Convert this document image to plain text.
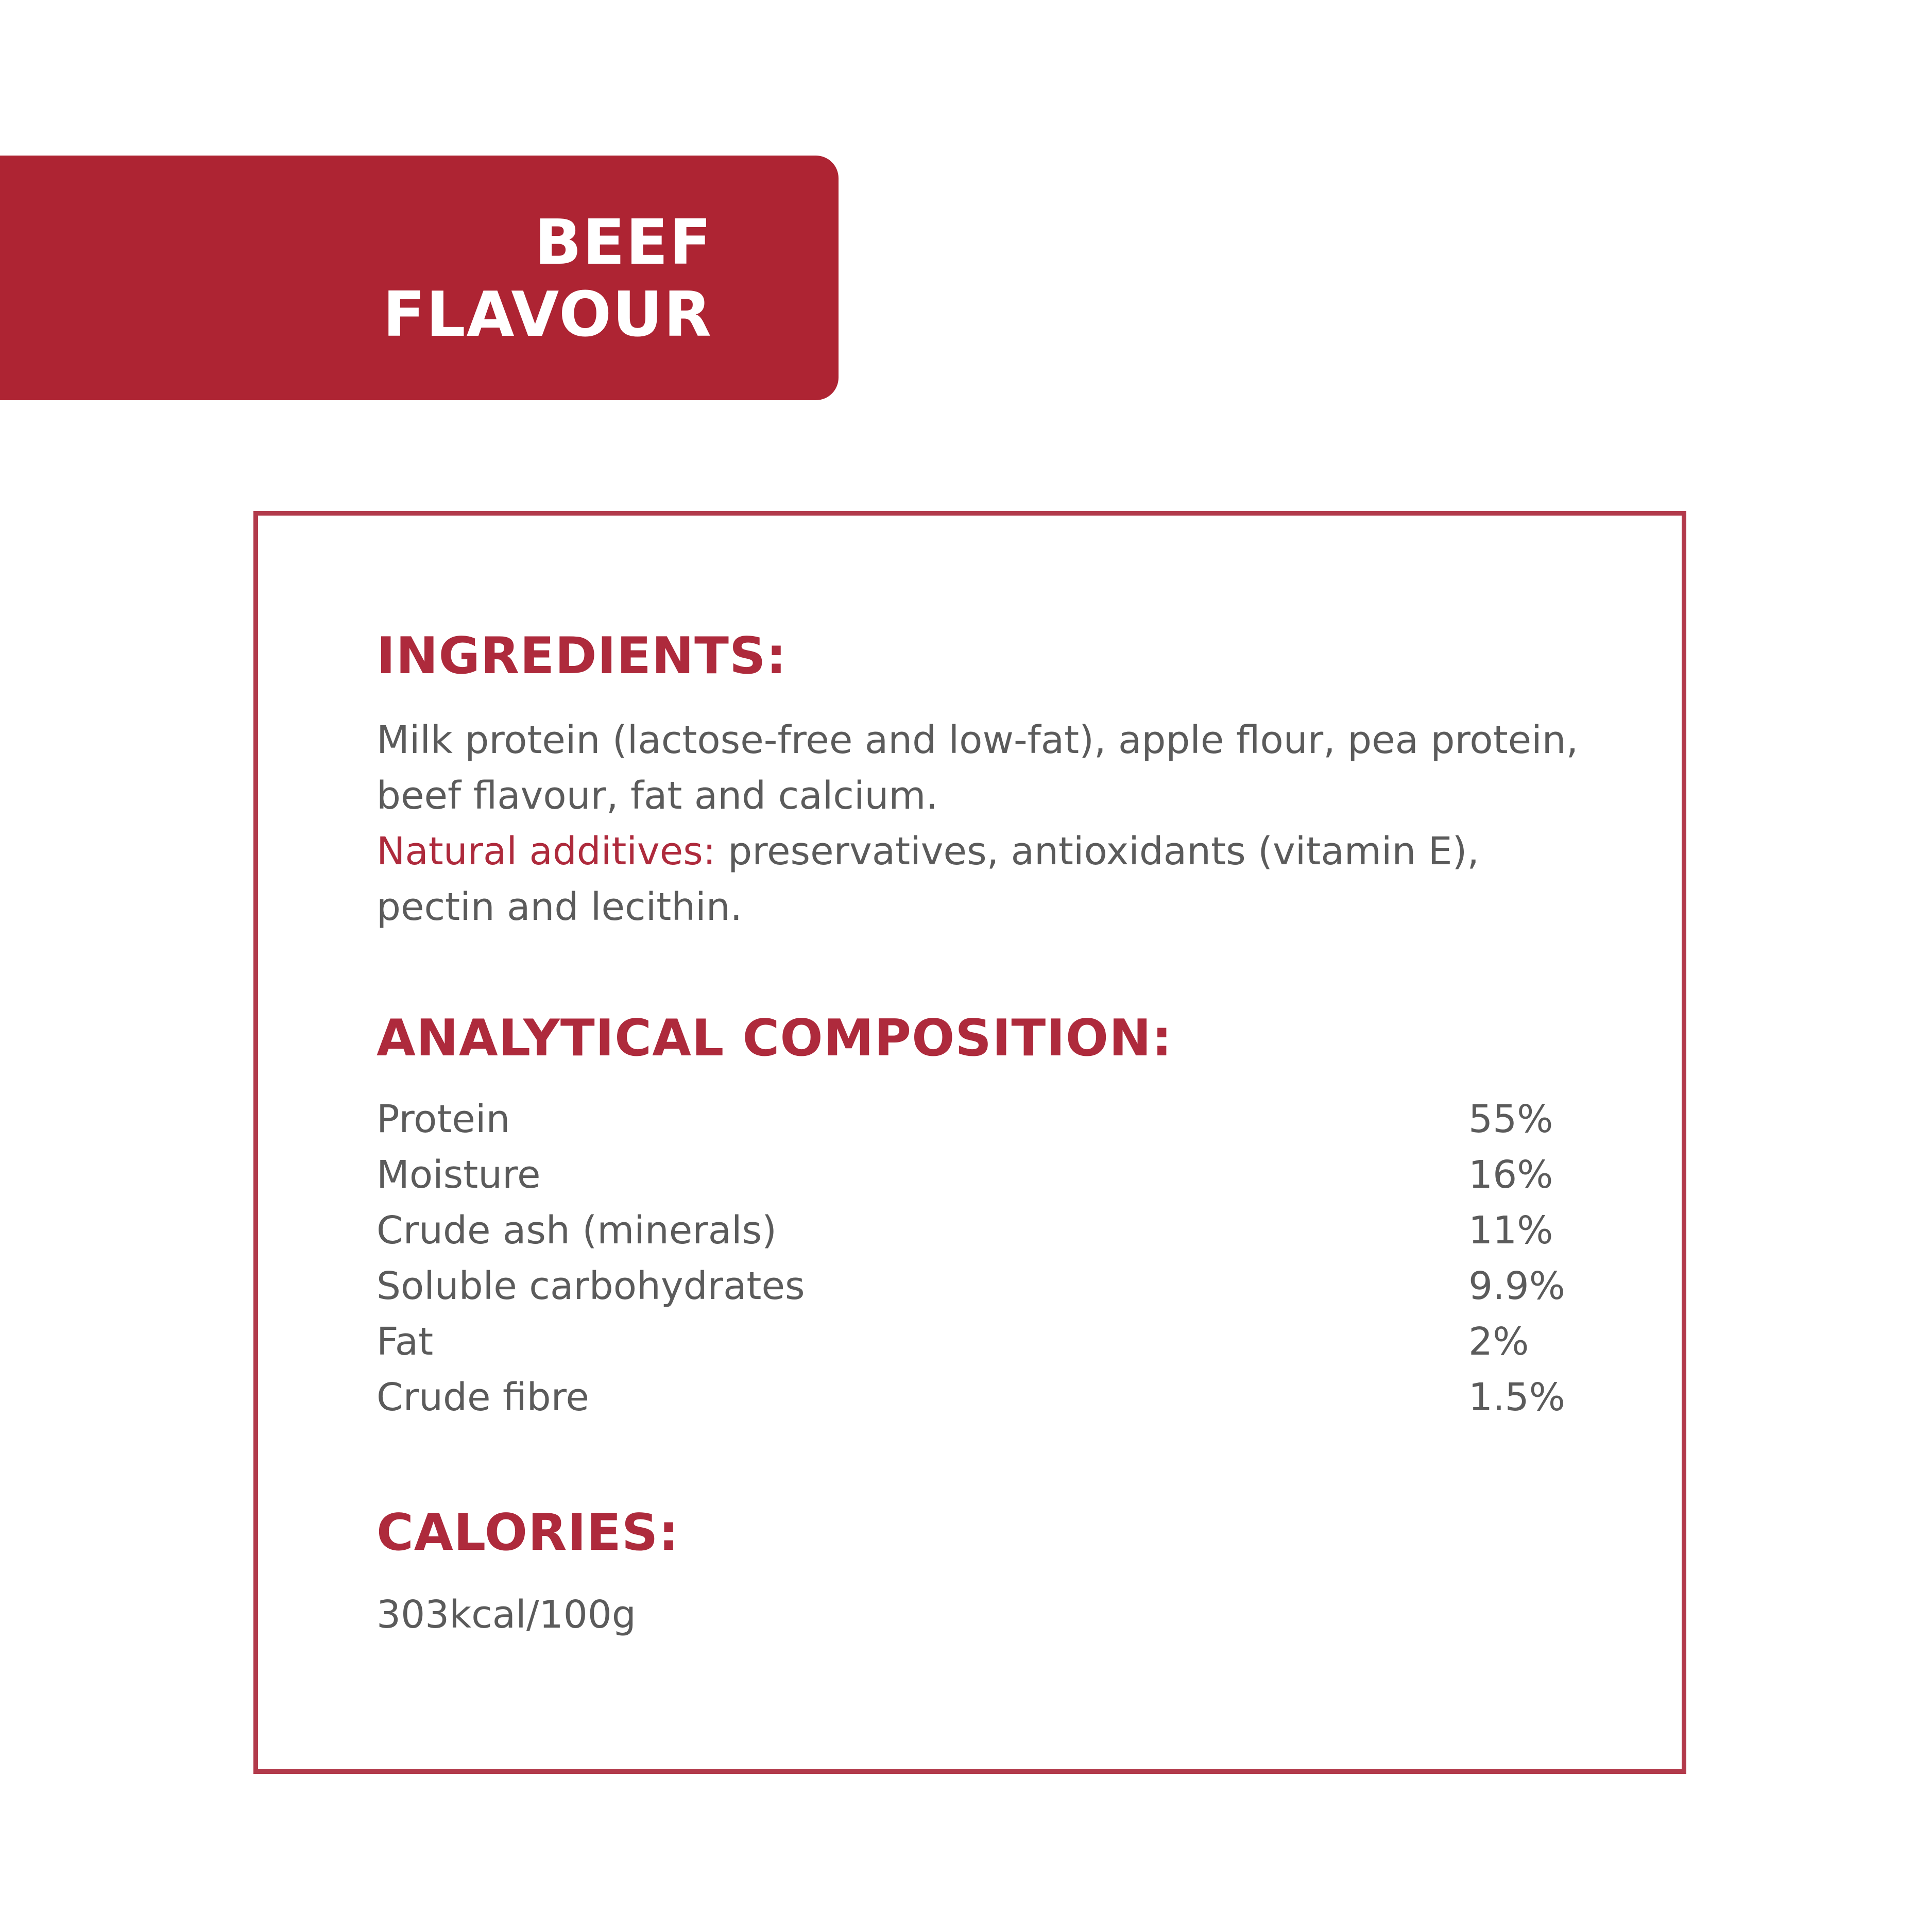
BEEF
FLAVOUR
INGREDIENTS:

Milk protein (lactose-free and low-fat), apple flour, pea protein, beef flavour, fat and calcium.
Natural additives: preservatives, antioxidants (vitamin E), pectin and lecithin.

ANALYTICAL COMPOSITION:
Protein	55%
Moisture	16%
Crude ash (minerals)	11%
Soluble carbohydrates	9.9%
Fat	2%
Crude fibre	1.5%
CALORIES:

303kcal/100g
